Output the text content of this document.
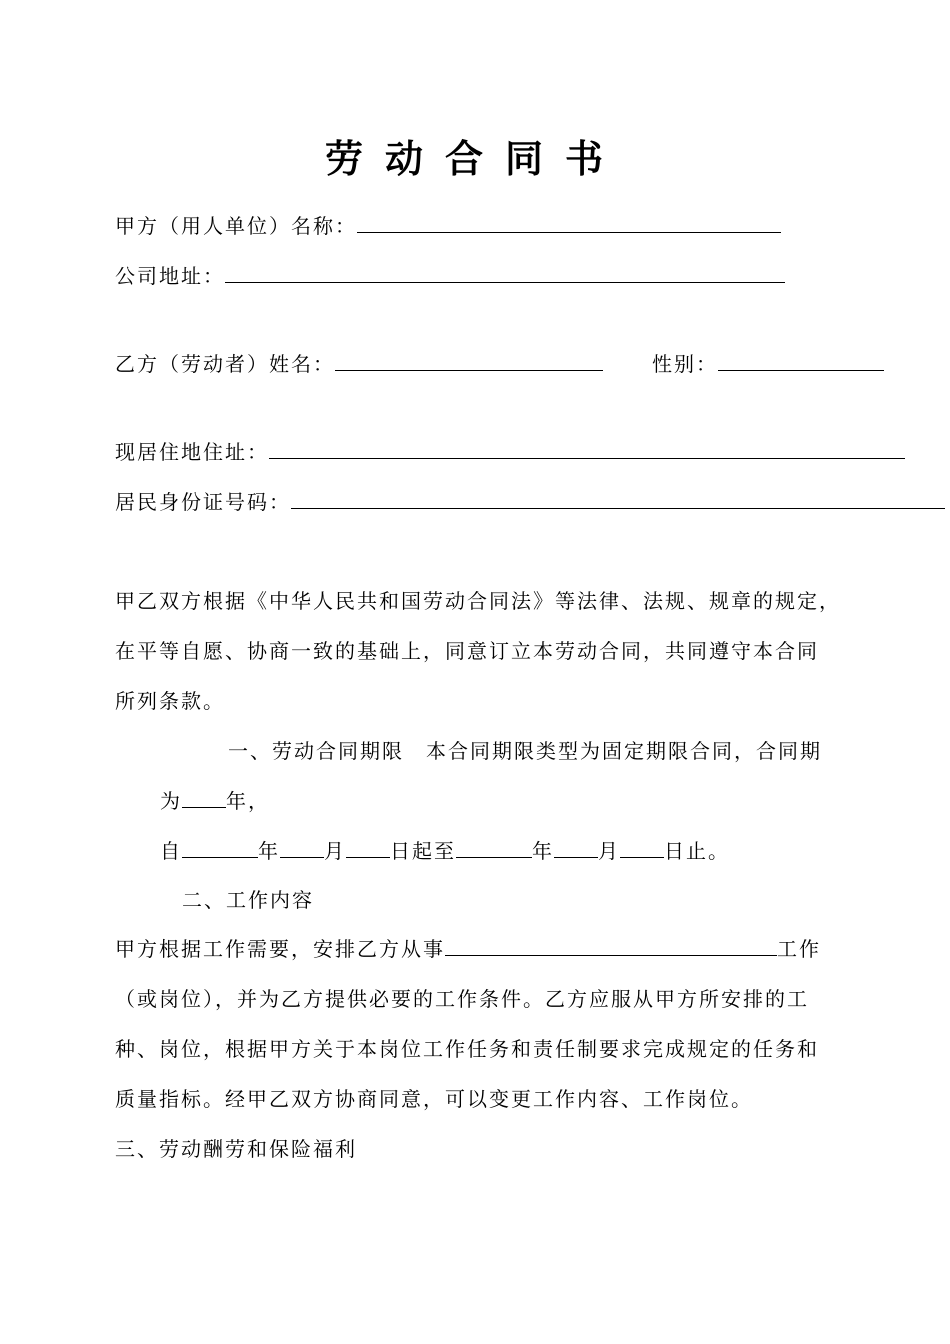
劳动合同书
甲方（用人单位）名称：
公司地址：
乙方（劳动者）姓名：	性别：
现居住地住址：
居民身份证号码：
甲乙双方根据《中华人民共和国劳动合同法》等法律、法规、规章的规定，
在平等自愿、协商一致的基础上，同意订立本劳动合同，共同遵守本合同
所列条款。
一、劳动合同期限　本合同期限类型为固定期限合同，合同期
为 年，
自	年 月 日起至	年 月 日止。
二、工作内容
甲方根据工作需要，安排乙方从事	工作
（或岗位），并为乙方提供必要的工作条件。乙方应服从甲方所安排的工
种、岗位，根据甲方关于本岗位工作任务和责任制要求完成规定的任务和
质量指标。经甲乙双方协商同意，可以变更工作内容、工作岗位。
三、劳动酬劳和保险福利
